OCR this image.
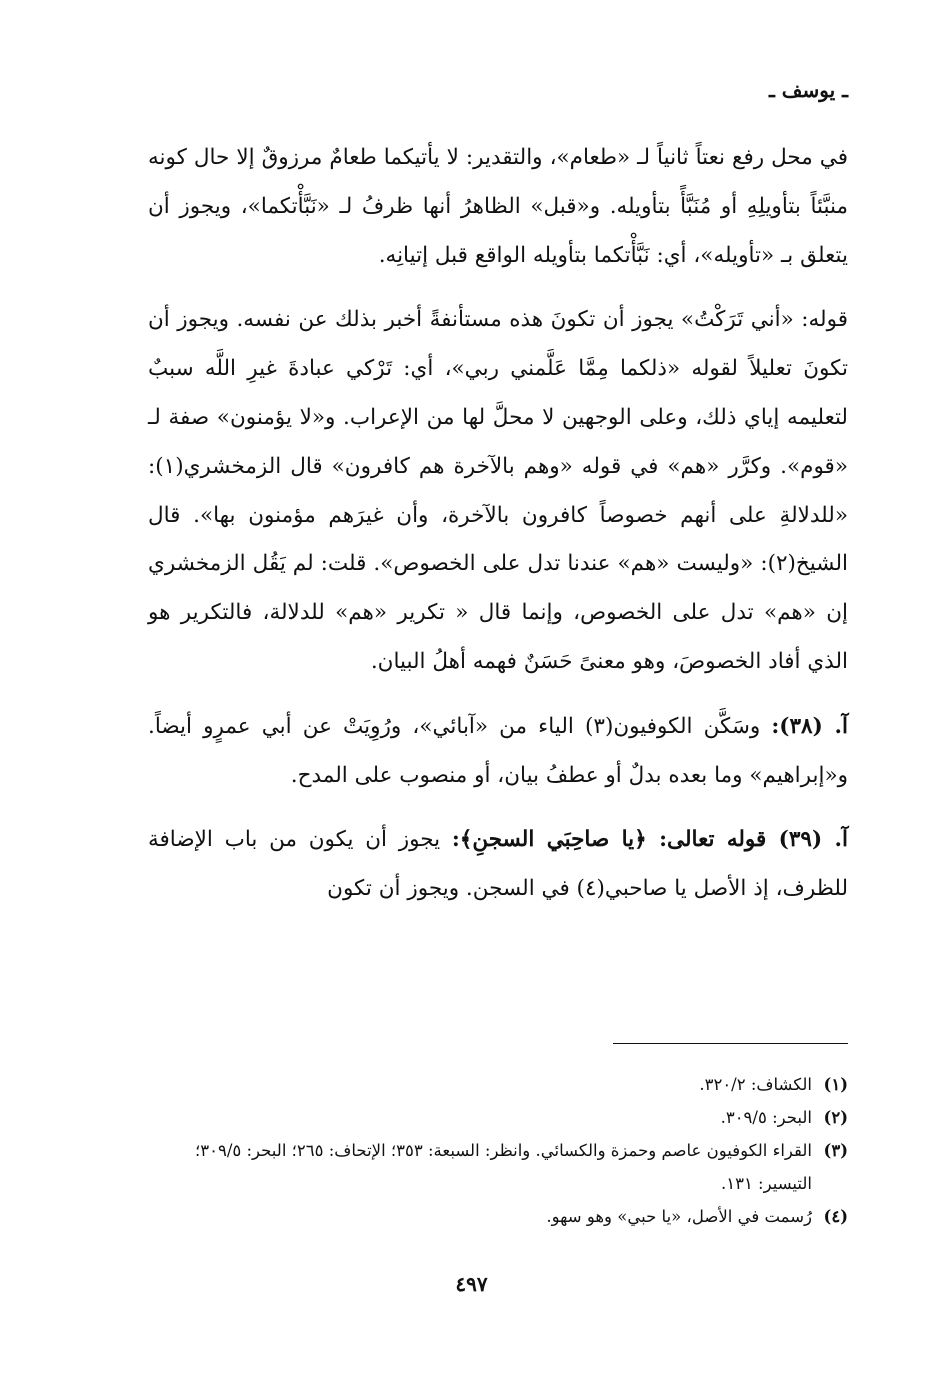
ـ يوسف ـ

في محل رفع نعتاً ثانياً لـ «طعام»، والتقدير: لا يأتيكما طعامٌ مرزوقٌ إلا حال كونه منبَّئاً بتأويلِهِ أو مُنَبَّأً بتأويله. و«قبل» الظاهرُ أنها ظرفُ لـ «نَبَّأْتكما»، ويجوز أن يتعلق بـ «تأويله»، أي: نَبَّأْتكما بتأويله الواقع قبل إتيانِه.

قوله: «أني تَرَكْتُ» يجوز أن تكونَ هذه مستأنفةً أخبر بذلك عن نفسه. ويجوز أن تكونَ تعليلاً لقوله «ذلكما مِمَّا عَلَّمني ربي»، أي: تَرْكي عبادةَ غيرِ اللَّه سببٌ لتعليمه إياي ذلك، وعلى الوجهين لا محلَّ لها من الإعراب. و«لا يؤمنون» صفة لـ «قوم». وكرَّر «هم» في قوله «وهم بالآخرة هم كافرون» قال الزمخشري(١): «للدلالةِ على أنهم خصوصاً كافرون بالآخرة، وأن غيرَهم مؤمنون بها». قال الشيخ(٢): «وليست «هم» عندنا تدل على الخصوص». قلت: لم يَقُل الزمخشري إن «هم» تدل على الخصوص، وإنما قال « تكرير «هم» للدلالة، فالتكرير هو الذي أفاد الخصوصَ، وهو معنىً حَسَنٌ فهمه أهلُ البيان.

آ. (٣٨): وسَكَّن الكوفيون(٣) الياء من «آبائي»، ورُوِيَتْ عن أبي عمرٍو أيضاً. و«إبراهيم» وما بعده بدلٌ أو عطفُ بيان، أو منصوب على المدح.

آ. (٣٩) قوله تعالى: ﴿يا صاحِبَي السجنِ﴾: يجوز أن يكون من باب الإضافة للظرف، إذ الأصل يا صاحبي(٤) في السجن. ويجوز أن تكون

(١)
الكشاف: ٣٢٠/٢.
(٢)
البحر: ٣٠٩/٥.
(٣)
القراء الكوفيون عاصم وحمزة والكسائي. وانظر: السبعة: ٣٥٣؛ الإتحاف: ٢٦٥؛ البحر: ٣٠٩/٥؛ التيسير: ١٣١.
(٤)
رُسمت في الأصل، «يا حبي» وهو سهو.
٤٩٧
